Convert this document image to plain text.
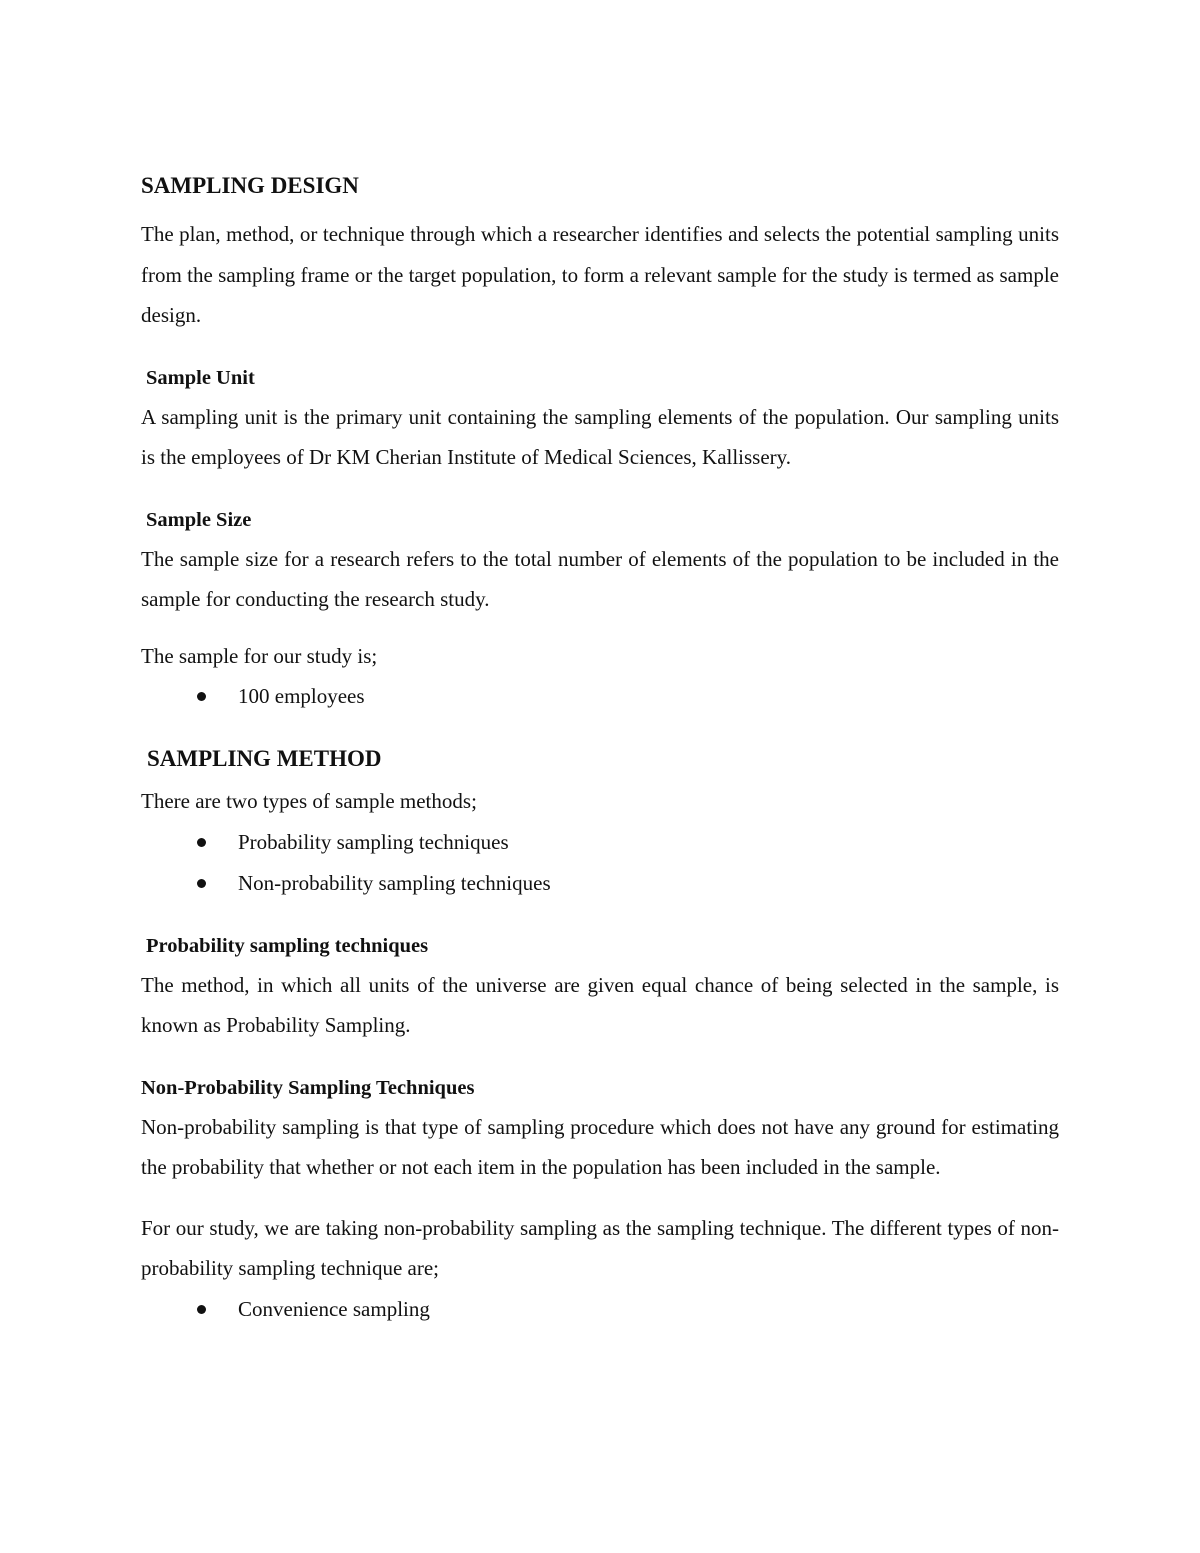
SAMPLING DESIGN

The plan, method, or technique through which a researcher identifies and selects the potential sampling units from the sampling frame or the target population, to form a relevant sample for the study is termed as sample design.

Sample Unit

A sampling unit is the primary unit containing the sampling elements of the population. Our sampling units is the employees of Dr KM Cherian Institute of Medical Sciences, Kallissery.

Sample Size

The sample size for a research refers to the total number of elements of the population to be included in the sample for conducting the research study.

The sample for our study is;

100 employees
SAMPLING METHOD

There are two types of sample methods;

Probability sampling techniques
Non-probability sampling techniques
Probability sampling techniques

The method, in which all units of the universe are given equal chance of being selected in the sample, is known as Probability Sampling.

Non-Probability Sampling Techniques

Non-probability sampling is that type of sampling procedure which does not have any ground for estimating the probability that whether or not each item in the population has been included in the sample.

For our study, we are taking non-probability sampling as the sampling technique. The different types of non-probability sampling technique are;

Convenience sampling
